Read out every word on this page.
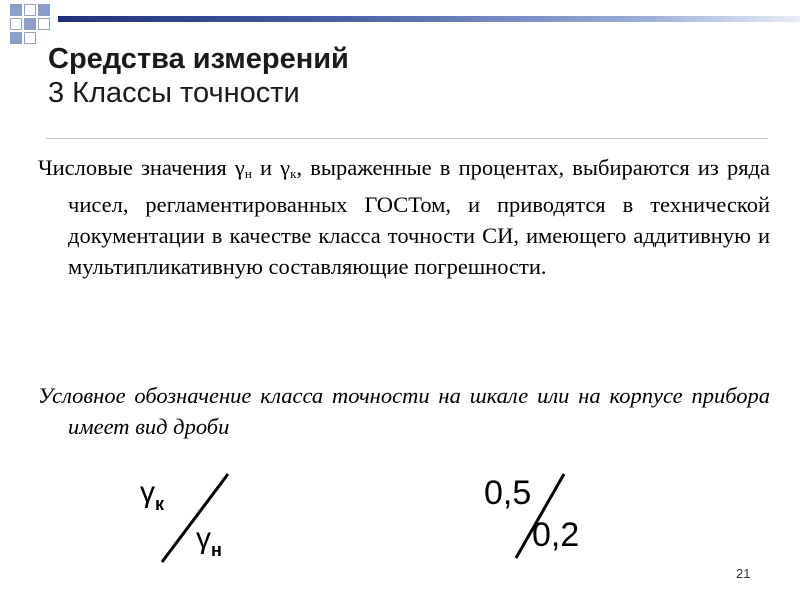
Средства измерений
3 Классы точности
Числовые значения $\gamma_н$ и $\gamma_к$, выраженные в процентах, выбираются из ряда чисел, регламентированных ГОСТом, и приводятся в технической документации в качестве класса точности СИ, имеющего аддитивную и мультипликативную составляющие погрешности.
Условное обозначение класса точности на шкале или на корпусе прибора имеет вид дроби
$\gamma_к$
$\gamma_н$
0,5
0,2
21
